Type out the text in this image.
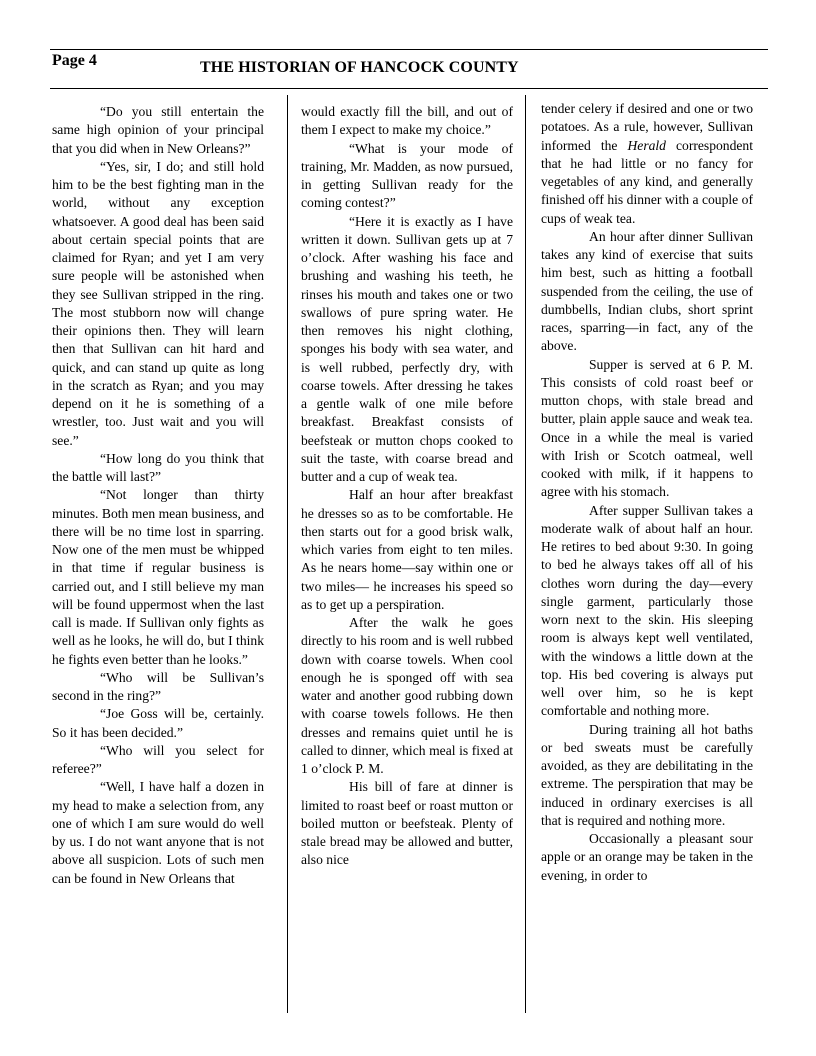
Page 4	THE HISTORIAN OF HANCOCK COUNTY

“Do you still entertain the same high opinion of your principal that you did when in New Orleans?”

“Yes, sir, I do; and still hold him to be the best fighting man in the world, without any exception whatsoever. A good deal has been said about certain special points that are claimed for Ryan; and yet I am very sure people will be astonished when they see Sullivan stripped in the ring. The most stubborn now will change their opinions then. They will learn then that Sullivan can hit hard and quick, and can stand up quite as long in the scratch as Ryan; and you may depend on it he is something of a wrestler, too. Just wait and you will see.”

“How long do you think that the battle will last?”

“Not longer than thirty minutes. Both men mean business, and there will be no time lost in sparring. Now one of the men must be whipped in that time if regular business is carried out, and I still believe my man will be found uppermost when the last call is made. If Sullivan only fights as well as he looks, he will do, but I think he fights even better than he looks.”

“Who will be Sullivan’s second in the ring?”

“Joe Goss will be, certainly. So it has been decided.”

“Who will you select for referee?”

“Well, I have half a dozen in my head to make a selection from, any one of which I am sure would do well by us. I do not want anyone that is not above all suspicion. Lots of such men can be found in New Orleans that

would exactly fill the bill, and out of them I expect to make my choice.”

“What is your mode of training, Mr. Madden, as now pursued, in getting Sullivan ready for the coming contest?”

“Here it is exactly as I have written it down. Sullivan gets up at 7 o’clock. After washing his face and brushing and washing his teeth, he rinses his mouth and takes one or two swallows of pure spring water. He then removes his night clothing, sponges his body with sea water, and is well rubbed, perfectly dry, with coarse towels. After dressing he takes a gentle walk of one mile before breakfast. Breakfast consists of beefsteak or mutton chops cooked to suit the taste, with coarse bread and butter and a cup of weak tea.

Half an hour after breakfast he dresses so as to be comfortable. He then starts out for a good brisk walk, which varies from eight to ten miles. As he nears home—say within one or two miles— he increases his speed so as to get up a perspiration.

After the walk he goes directly to his room and is well rubbed down with coarse towels. When cool enough he is sponged off with sea water and another good rubbing down with coarse towels follows. He then dresses and remains quiet until he is called to dinner, which meal is fixed at 1 o’clock P. M.

His bill of fare at dinner is limited to roast beef or roast mutton or boiled mutton or beefsteak. Plenty of stale bread may be allowed and butter, also nice

tender celery if desired and one or two potatoes. As a rule, however, Sullivan informed the Herald correspondent that he had little or no fancy for vegetables of any kind, and generally finished off his dinner with a couple of cups of weak tea.

An hour after dinner Sullivan takes any kind of exercise that suits him best, such as hitting a football suspended from the ceiling, the use of dumbbells, Indian clubs, short sprint races, sparring—in fact, any of the above.

Supper is served at 6 P. M. This consists of cold roast beef or mutton chops, with stale bread and butter, plain apple sauce and weak tea. Once in a while the meal is varied with Irish or Scotch oatmeal, well cooked with milk, if it happens to agree with his stomach.

After supper Sullivan takes a moderate walk of about half an hour. He retires to bed about 9:30. In going to bed he always takes off all of his clothes worn during the day—every single garment, particularly those worn next to the skin. His sleeping room is always kept well ventilated, with the windows a little down at the top. His bed covering is always put well over him, so he is kept comfortable and nothing more.

During training all hot baths or bed sweats must be carefully avoided, as they are debilitating in the extreme. The perspiration that may be induced in ordinary exercises is all that is required and nothing more.

Occasionally a pleasant sour apple or an orange may be taken in the evening, in order to
